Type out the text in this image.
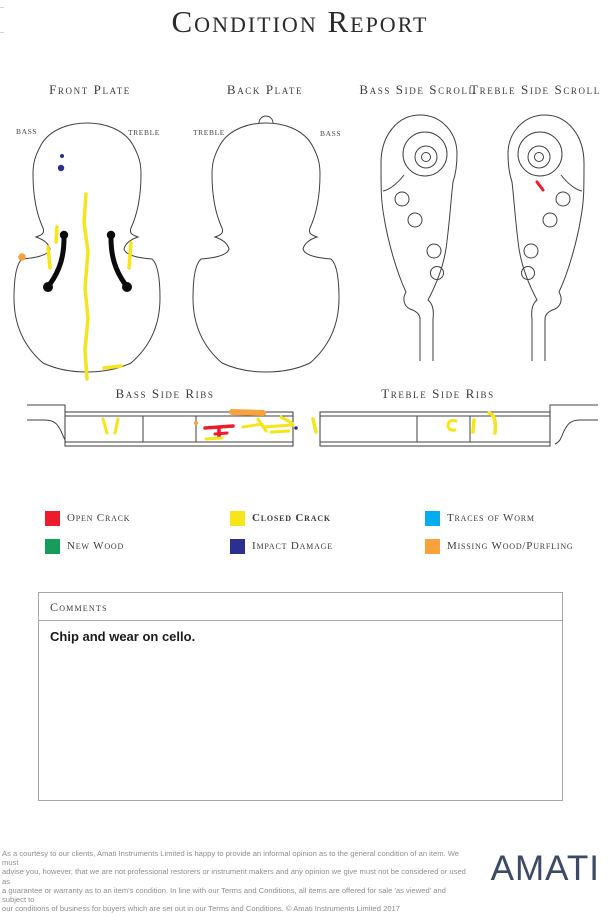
Condition Report
Front Plate	Back Plate	Bass Side Scroll
Treble Side Scroll
Bass Side Ribs	Treble Side Ribs
BASS	TREBLE	TREBLE	BASS
Open Crack	Closed Crack	Traces of Worm
New Wood	Impact Damage	Missing Wood/Purfling
Comments
Chip and wear on cello.
As a courtesy to our clients, Amati Instruments Limited is happy to provide an informal opinion as to the general condition of an item. We must
advise you, however, that we are not professional restorers or instrument makers and any opinion we give must not be considered or used as
a guarantee or warranty as to an item's condition. In line with our Terms and Conditions, all items are offered for sale 'as viewed' and subject to
our conditions of business for buyers which are set out in our Terms and Conditions. © Amati Instruments Limited 2017
AMATI
